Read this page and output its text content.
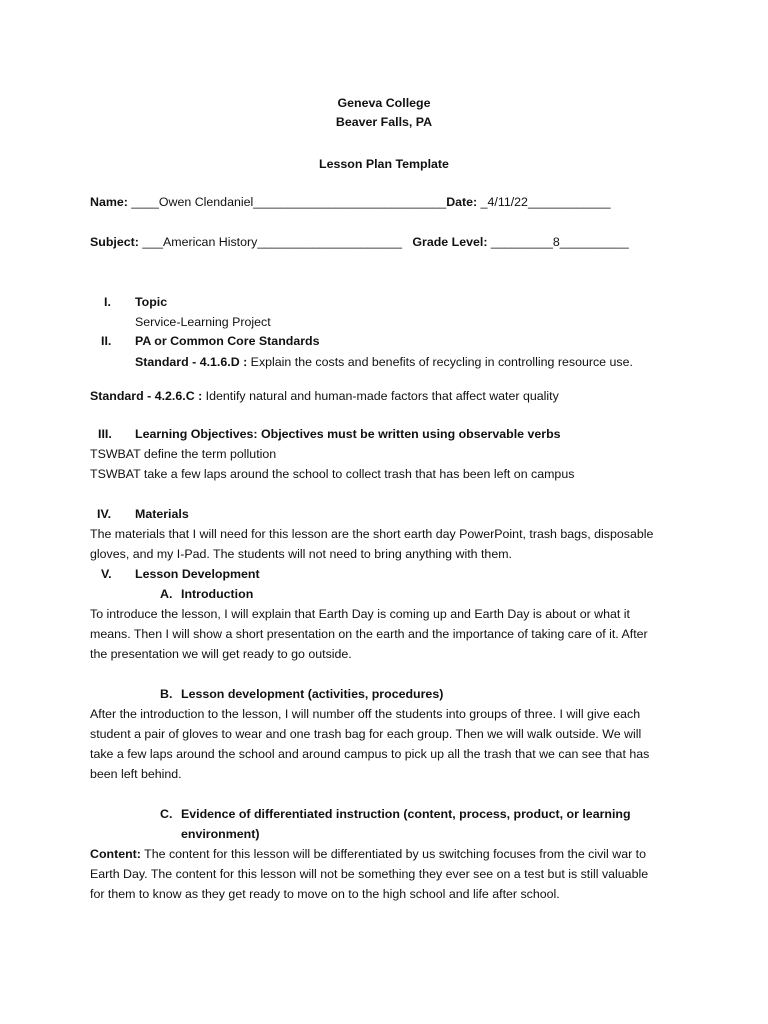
Geneva College
Beaver Falls, PA
Lesson Plan Template
Name: ____Owen Clendaniel____________________________Date: _4/11/22____________
Subject: ___American History_____________________ Grade Level: _________8__________
I. Topic
Service-Learning Project
II. PA or Common Core Standards
Standard - 4.1.6.D : Explain the costs and benefits of recycling in controlling resource use.
Standard - 4.2.6.C : Identify natural and human-made factors that affect water quality
III. Learning Objectives: Objectives must be written using observable verbs
TSWBAT define the term pollution
TSWBAT take a few laps around the school to collect trash that has been left on campus
IV. Materials
The materials that I will need for this lesson are the short earth day PowerPoint, trash bags, disposable
gloves, and my I-Pad. The students will not need to bring anything with them.
V. Lesson Development
A. Introduction
To introduce the lesson, I will explain that Earth Day is coming up and Earth Day is about or what it
means. Then I will show a short presentation on the earth and the importance of taking care of it. After
the presentation we will get ready to go outside.
B. Lesson development (activities, procedures)
After the introduction to the lesson, I will number off the students into groups of three. I will give each
student a pair of gloves to wear and one trash bag for each group. Then we will walk outside. We will
take a few laps around the school and around campus to pick up all the trash that we can see that has
been left behind.
C. Evidence of differentiated instruction (content, process, product, or learning
environment)
Content: The content for this lesson will be differentiated by us switching focuses from the civil war to
Earth Day. The content for this lesson will not be something they ever see on a test but is still valuable
for them to know as they get ready to move on to the high school and life after school.
